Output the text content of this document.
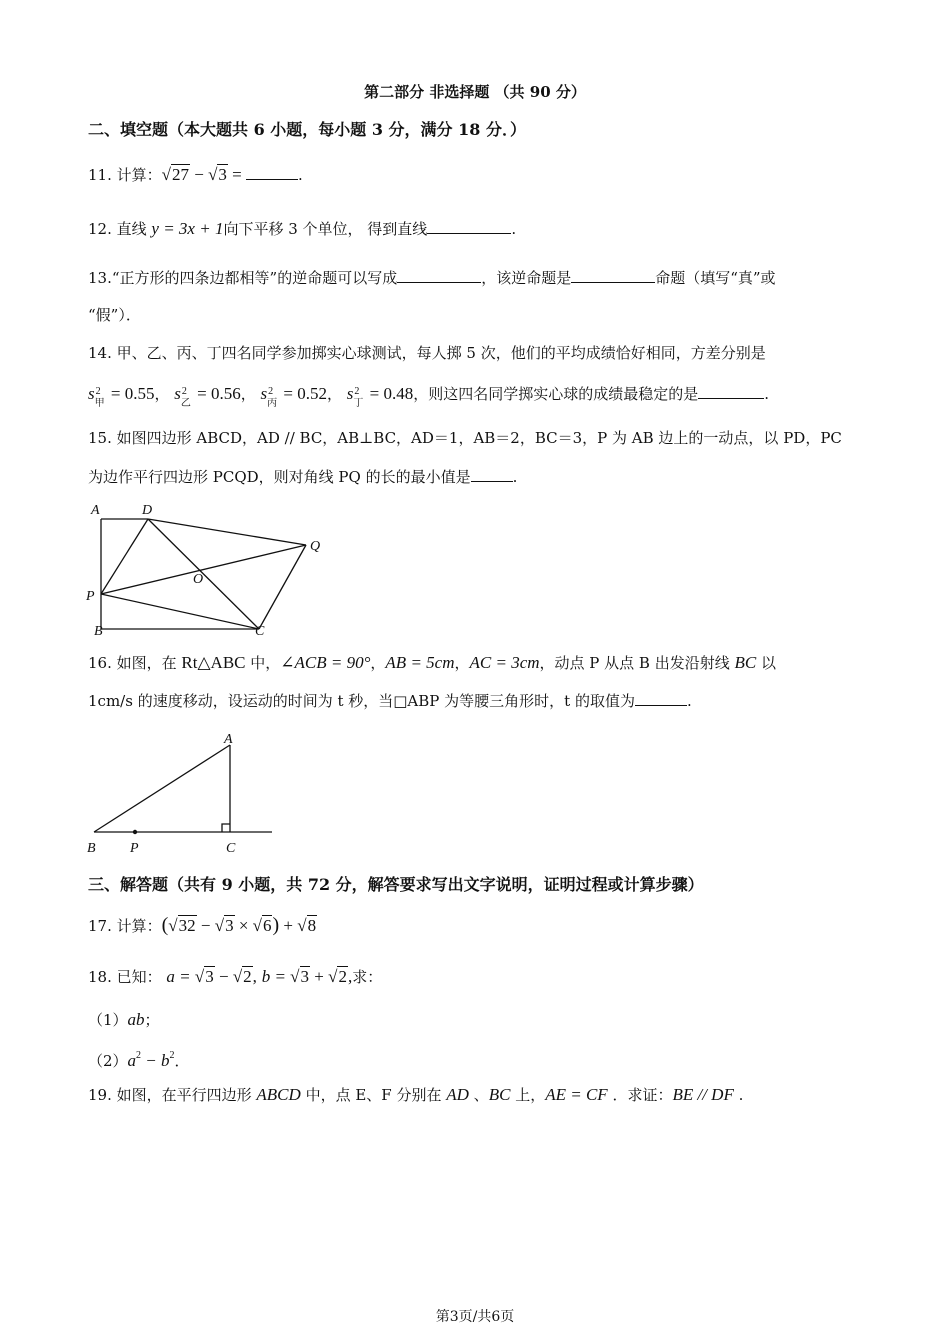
第二部分 非选择题 （共 90 分）
二、填空题（本大题共 6 小题，每小题 3 分，满分 18 分．）
11. 计算：√27 − √3 =	.
12. 直线 y = 3x + 1向下平移 3 个单位， 得到直线	.
13.“正方形的四条边都相等”的逆命题可以写成	，该逆命题是	命题（填写“真”或
“假”）．
14. 甲、乙、丙、丁四名同学参加掷实心球测试，每人掷 5 次，他们的平均成绩恰好相同，方差分别是
s 2
甲
= 0.55， s 2
乙
= 0.56， s 2
丙
= 0.52， s 2
丁
= 0.48，则这四名同学掷实心球的成绩最稳定的是	.
15. 如图四边形 ABCD，AD // BC，AB⊥BC，AD＝1，AB＝2，BC＝3，P 为 AB 边上的一动点，以 PD，PC
为边作平行四边形 PCQD，则对角线 PQ 的长的最小值是	.
A	D
Q
O
P
B	C
16. 如图，在 Rt△ABC 中，∠ACB = 90°，AB = 5cm，AC = 3cm，动点 P 从点 B 出发沿射线 BC 以
1cm/s 的速度移动，设运动的时间为 t 秒，当□ABP 为等腰三角形时，t 的取值为	.
A
B P	C
三、解答题（共有 9 小题，共 72 分，解答要求写出文字说明，证明过程或计算步骤）
17. 计算：(√32 − √3 × √6) + √8
18. 已知： a = √3 − √2, b = √3 + √2,求：
（1）ab；
$(2)a^2 - b^2$．
19. 如图，在平行四边形 ABCD 中，点 E、F 分别在 AD 、BC 上，AE = CF ．求证：BE // DF .
第3页/共6页
